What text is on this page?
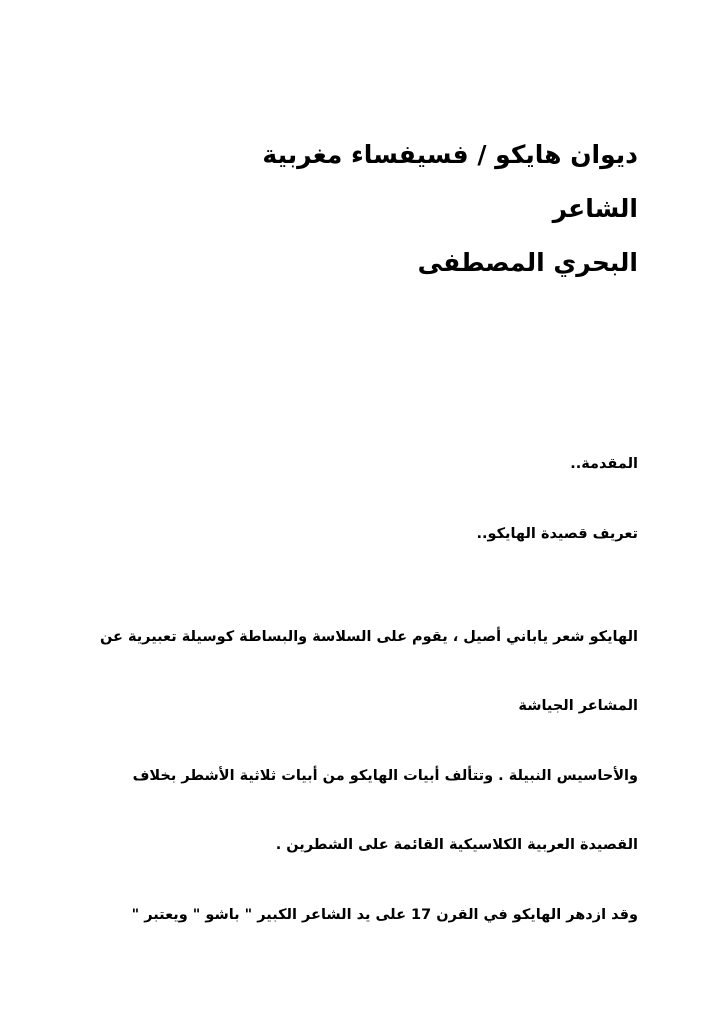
ديوان هايكو / فسيفساء مغربية
الشاعر
البحري المصطفى
المقدمة..
تعريف قصيدة الهايكو..
الهايكو شعر ياباني أصيل ، يقوم على السلاسة والبساطة كوسيلة تعبيرية عن
المشاعر الجياشة
والأحاسيس النبيلة . وتتألف أبيات الهايكو من أبيات ثلاثية الأشطر بخلاف
القصيدة العربية الكلاسيكية القائمة على الشطرين .
وقد ازدهر الهايكو في القرن 17 على يد الشاعر الكبير " باشو " ويعتبر "
